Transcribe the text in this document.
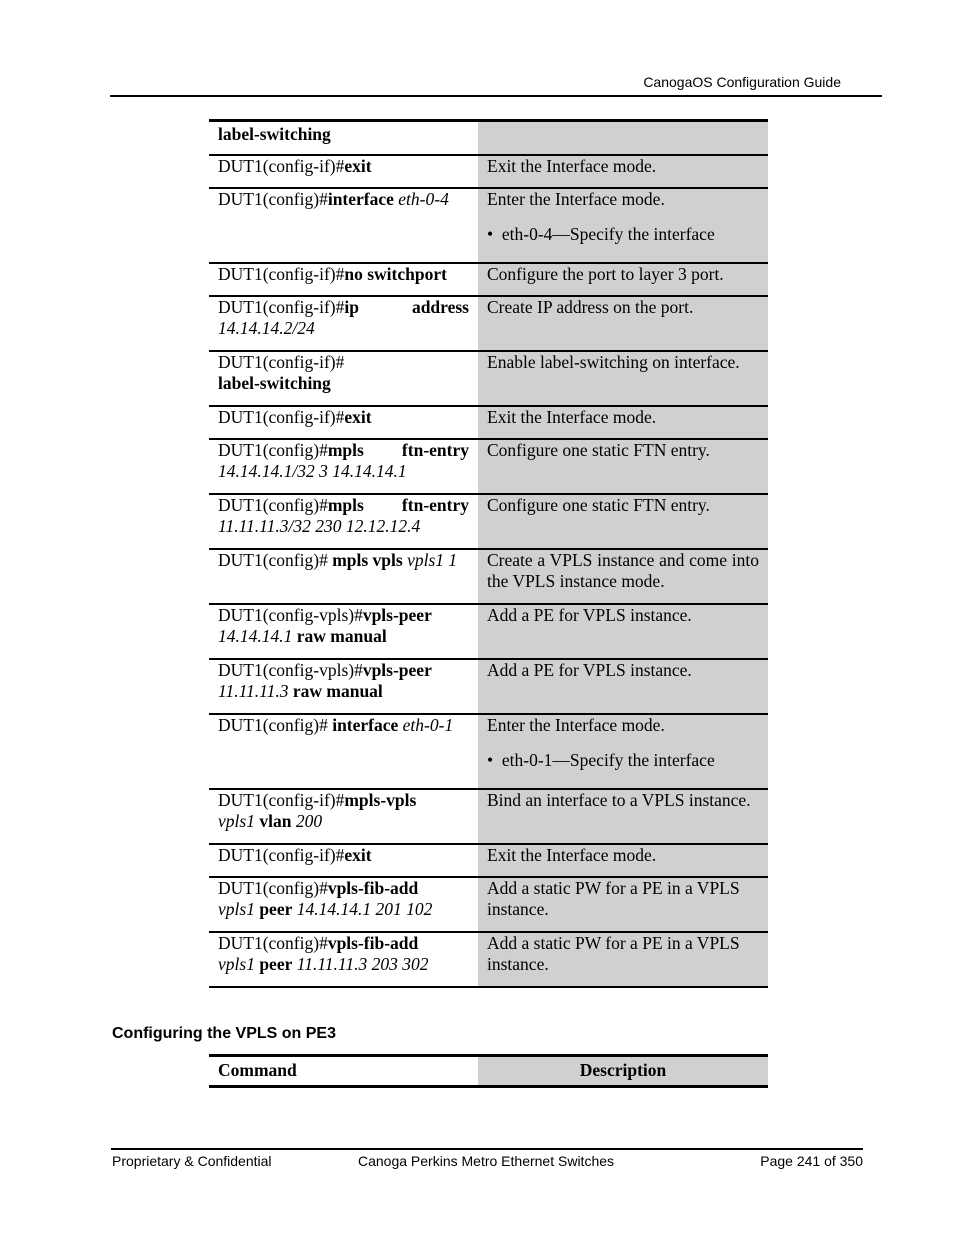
CanogaOS Configuration Guide
label-switching	
DUT1(config-if)#exit	Exit the Interface mode.
DUT1(config)#interface eth-0-4	Enter the Interface mode.
•  eth-0-4—Specify the interface

DUT1(config-if)#no switchport	Configure the port to layer 3 port.

DUT1(config-if)#ip address
14.14.14.2/24	Create IP address on the port.

DUT1(config-if)#
label-switching	Enable label-switching on interface.
DUT1(config-if)#exit	Exit the Interface mode.

DUT1(config)#mpls ftn-entry
14.14.14.1/32 3 14.14.14.1	Configure one static FTN entry.

DUT1(config)#mpls ftn-entry
11.11.11.3/32 230 12.12.12.4	Configure one static FTN entry.
DUT1(config)# mpls vpls vpls1 1	Create a VPLS instance and come into the VPLS instance mode.
DUT1(config-vpls)#vpls-peer
14.14.14.1 raw manual	Add a PE for VPLS instance.
DUT1(config-vpls)#vpls-peer
11.11.11.3 raw manual	Add a PE for VPLS instance.
DUT1(config)# interface eth-0-1	Enter the Interface mode.
•  eth-0-1—Specify the interface

DUT1(config-if)#mpls-vpls
vpls1 vlan 200	Bind an interface to a VPLS instance.
DUT1(config-if)#exit	Exit the Interface mode.

DUT1(config)#vpls-fib-add
vpls1 peer 14.14.14.1 201 102	Add a static PW for a PE in a VPLS instance.

DUT1(config)#vpls-fib-add
vpls1 peer 11.11.11.3 203 302	Add a static PW for a PE in a VPLS instance.
Configuring the VPLS on PE3
Command	Description
Proprietary & Confidential	Canoga Perkins Metro Ethernet Switches	Page 241 of 350
